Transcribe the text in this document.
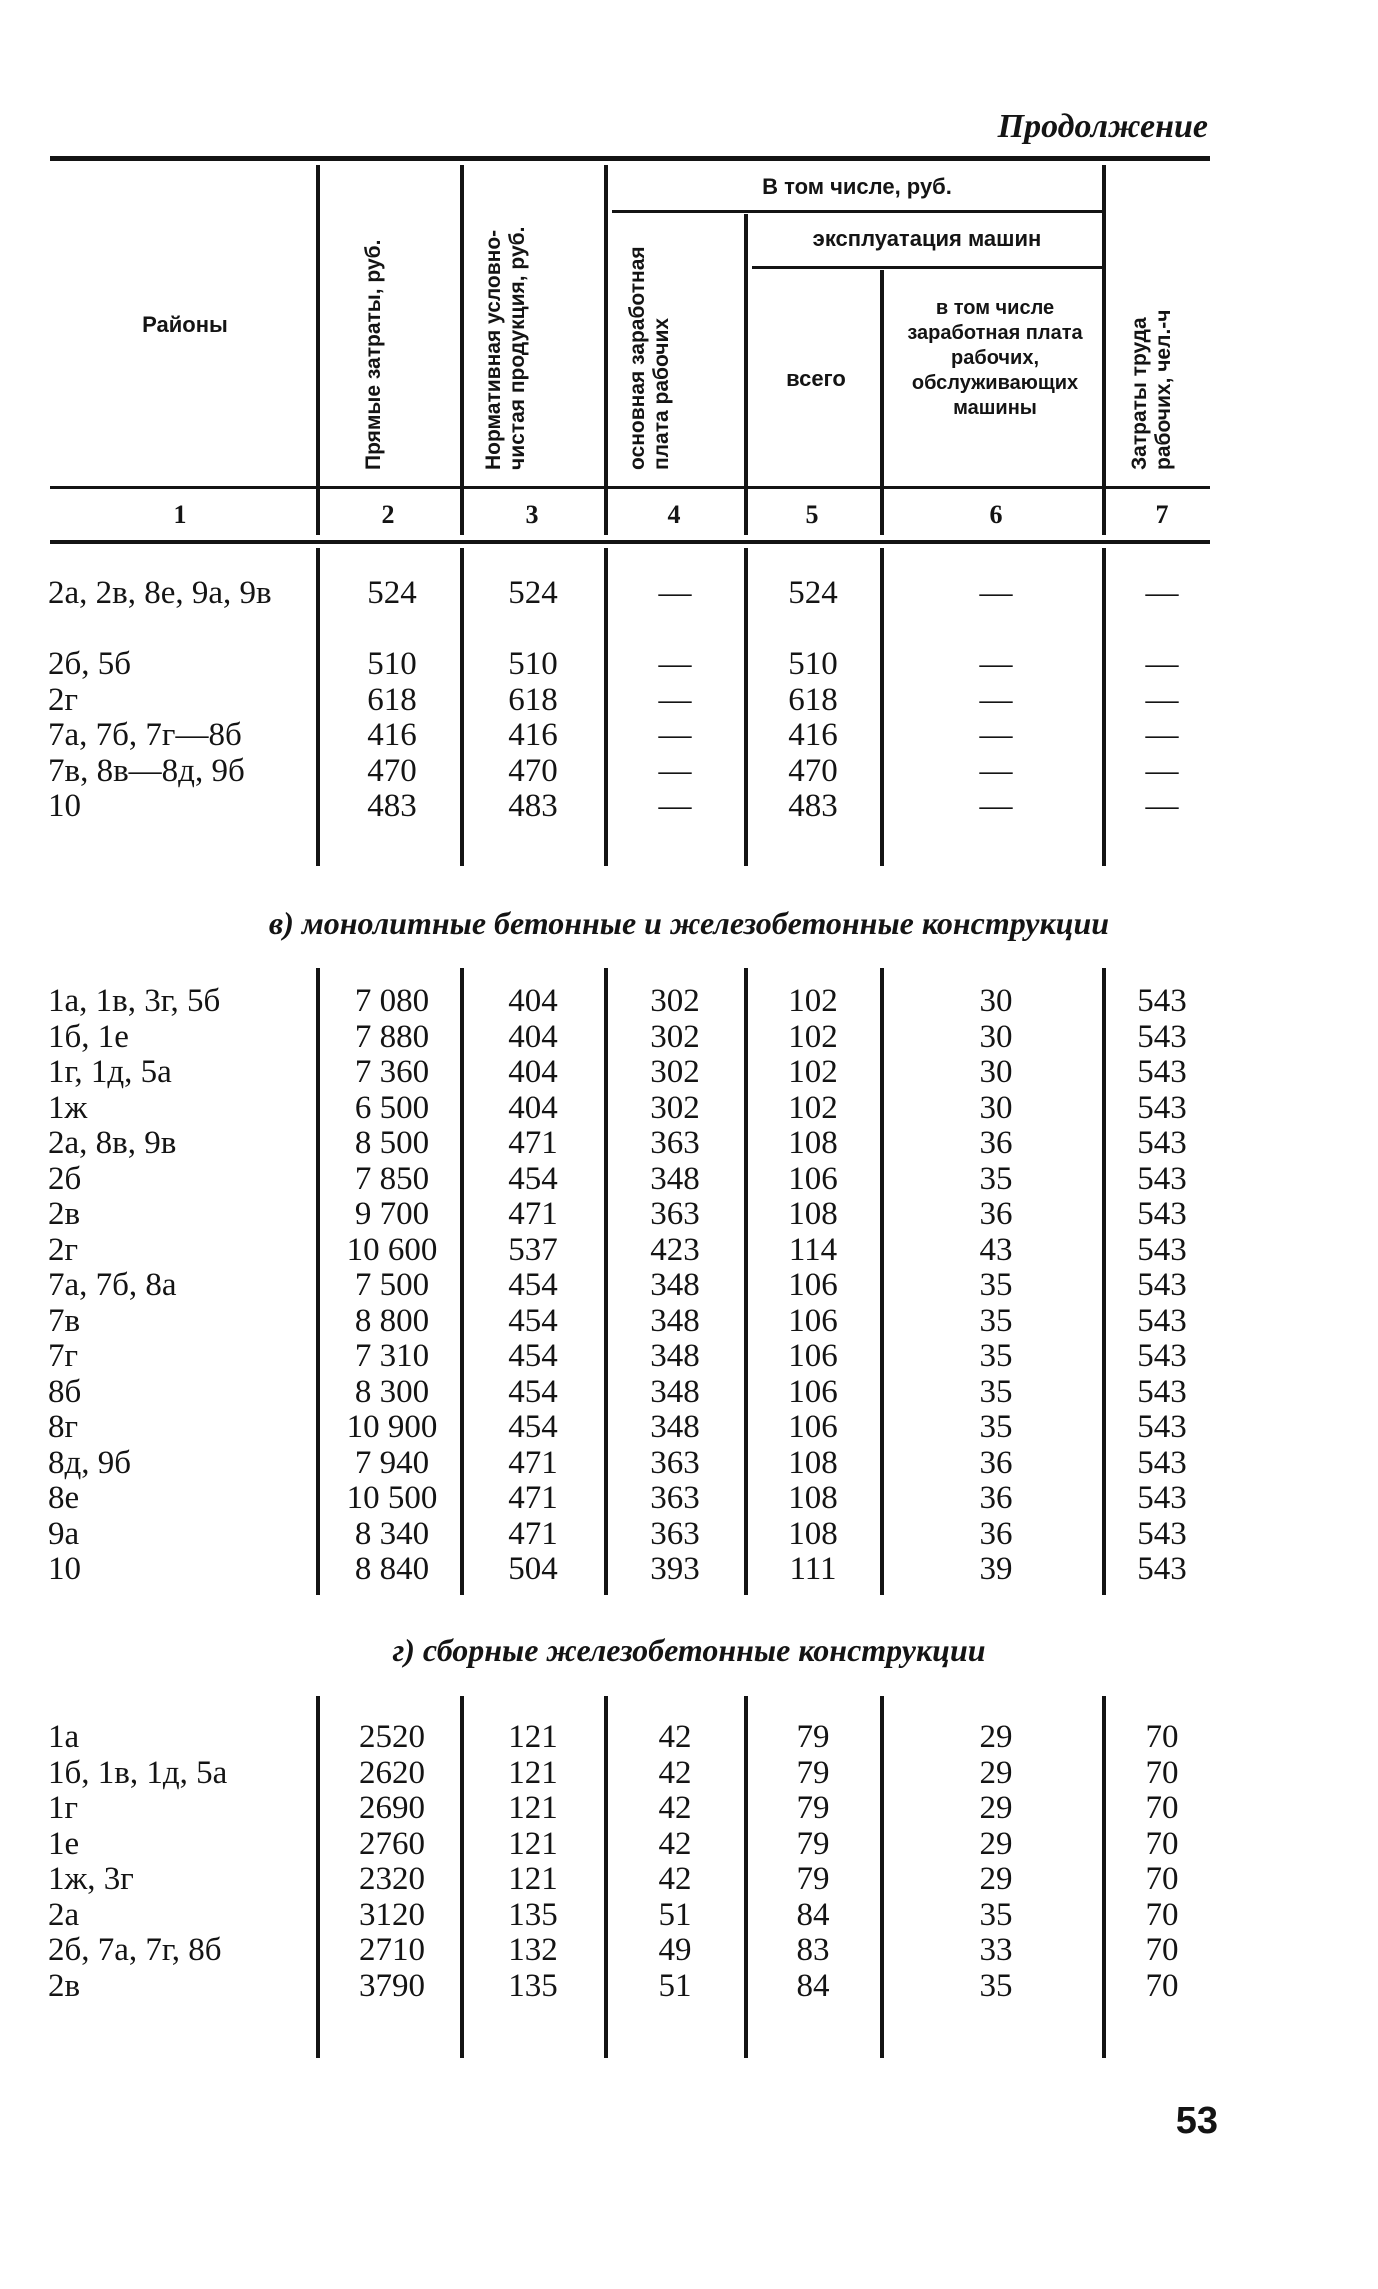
Продолжение
Районы	Прямые затраты, руб.	Нормативная условно-чистая продукция, руб.
В том числе, руб.
основная заработная плата рабочих
эксплуатация машин
всего
в том числе заработная плата рабочих, обслуживающих машины	Затраты труда рабочих, чел.-ч
1	2	3	4	5	6	7
2а, 2в, 8е, 9а, 9в	524	524	—	524	—	—
2б, 5б	510	510	—	510	—	—
2г	618	618	—	618	—	—
7а, 7б, 7г—8б	416	416	—	416	—	—
7в, 8в—8д, 9б	470	470	—	470	—	—
10	483	483	—	483	—	—
в) монолитные бетонные и железобетонные конструкции
1а, 1в, 3г, 5б	7 080	404	302	102	30	543
1б, 1е	7 880	404	302	102	30	543
1г, 1д, 5а	7 360	404	302	102	30	543
1ж	6 500	404	302	102	30	543
2а, 8в, 9в	8 500	471	363	108	36	543
2б	7 850	454	348	106	35	543
2в	9 700	471	363	108	36	543
2г	10 600	537	423	114	43	543
7а, 7б, 8а	7 500	454	348	106	35	543
7в	8 800	454	348	106	35	543
7г	7 310	454	348	106	35	543
8б	8 300	454	348	106	35	543
8г	10 900	454	348	106	35	543
8д, 9б	7 940	471	363	108	36	543
8е	10 500	471	363	108	36	543
9а	8 340	471	363	108	36	543
10	8 840	504	393	111	39	543
г) сборные железобетонные конструкции
1а	2520	121	42	79	29	70
1б, 1в, 1д, 5а	2620	121	42	79	29	70
1г	2690	121	42	79	29	70
1е	2760	121	42	79	29	70
1ж, 3г	2320	121	42	79	29	70
2а	3120	135	51	84	35	70
2б, 7а, 7г, 8б	2710	132	49	83	33	70
2в	3790	135	51	84	35	70
53
